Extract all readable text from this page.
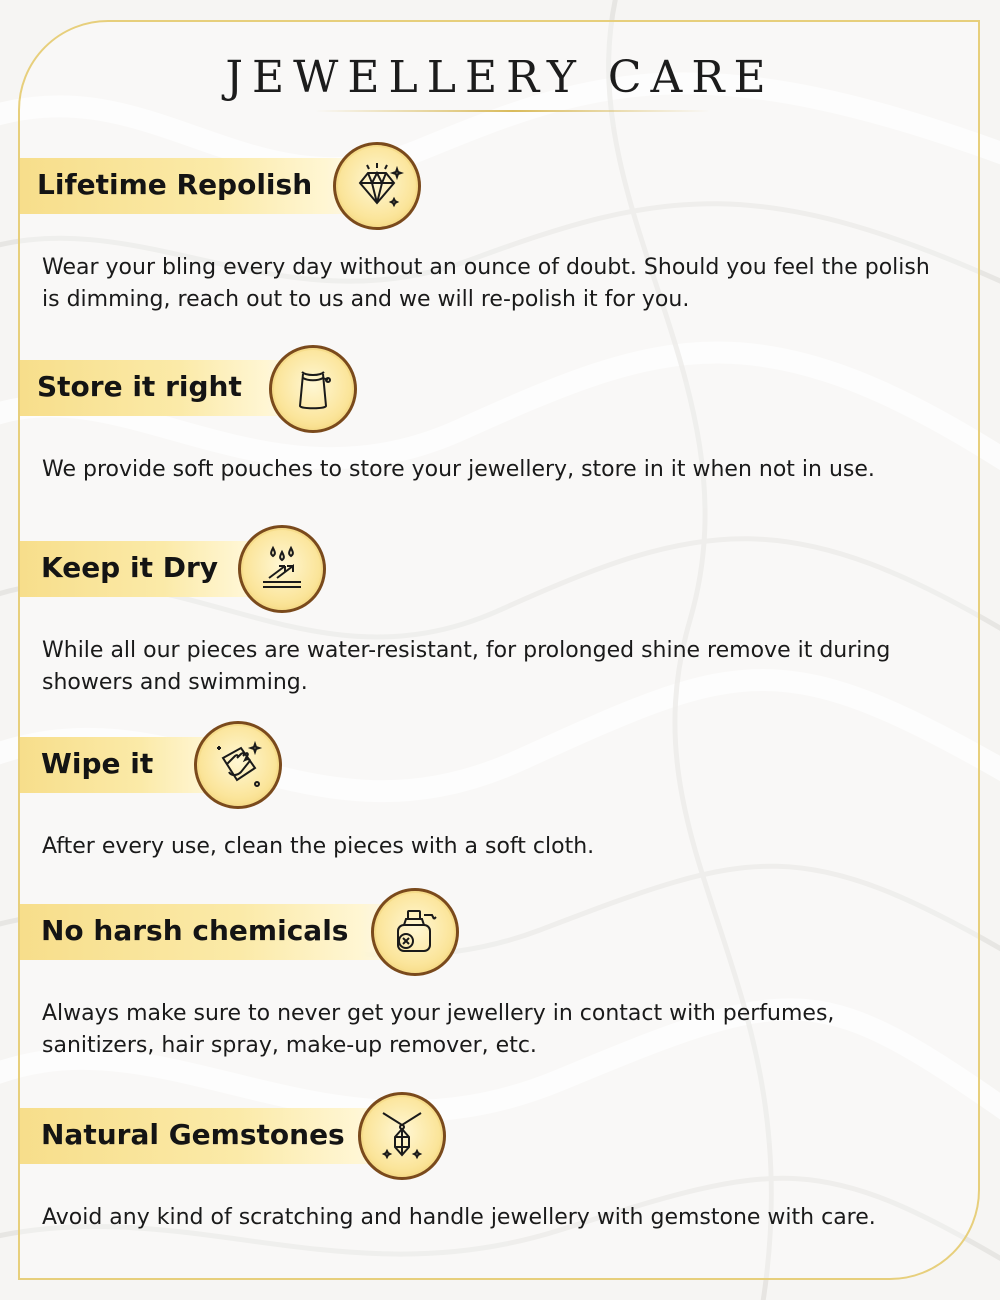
JEWELLERY CARE
Lifetime Repolish
Wear your bling every day without an ounce of doubt. Should you feel the polish is dimming, reach out to us and we will re-polish it for you.
Store it right
We provide soft pouches to store your jewellery, store in it when not in use.
Keep it Dry
While all our pieces are water-resistant, for prolonged shine remove it during showers and swimming.
Wipe it
After every use, clean the pieces with a soft cloth.
No harsh chemicals
Always make sure to never get your jewellery in contact with perfumes, sanitizers, hair spray, make-up remover, etc.
Natural Gemstones
Avoid any kind of scratching and handle jewellery with gemstone with care.
